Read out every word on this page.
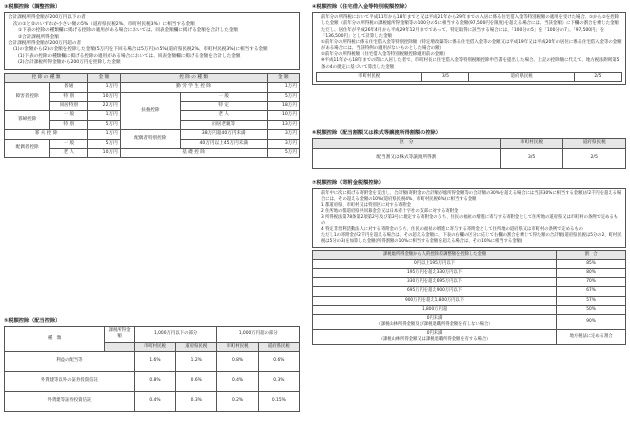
③税額控除（調整控除）
合計課税所得金額が200万円以下の者
次の①と②のいずれか小さい額の5%（道府県民税2%、市町村民税3%）に相当する金額
①下表の控除の種類欄に掲げる控除の適用がある場合においては、同表金額欄に掲げる金額を合計した金額
②合計課税所得金額
合計課税所得金額が200万円超の者
(1)の金額から(2)の金額を控除した金額(5万円を下回る場合は5万円)の5%(道府県民税2%、市町村民税3%)に相当する金額
(1)下表の控除の種類欄に掲げる控除の適用がある場合においては、同表金額欄に掲げる金額を合計した金額
(2)合計課税所得金額から200万円を控除した金額
控 除 の 種 類		金 額	控 除 の 種 類		金 額
障害者控除	普通	1万円	勤 労 学 生 控 除		1万円
	特 別	10万円	扶養控除	一 般	5万円
	同居特別	22万円		特 定	18万円
寡婦控除	一 般	1万円		老 人	10万円
	特 別	5万円		同居老親等	13万円
寡 夫 控 除		1万円	配偶者特別控除	38万円超40万円未満	3万円
配偶者控除	一 般	5万円		40万円以上45万円未満	3万円
	老 人	10万円	基 礎 控 除		5万円
⑤税額控除（配当控除）
種　類	課税所得金額	1,000万円以下の部分		1,000万円超の部分	
		市町村民税	道府県民税	市町村民税	道府県民税
利益の配当等		1.6%	1.2%	0.8%	0.6%
外貨建等以外の証券投資信託		0.8%	0.6%	0.4%	0.3%
外貨建等証券投資信託		0.4%	0.3%	0.2%	0.15%
④税額控除（住宅借入金等特別税額控除）
前年分の所得税において平成11年から18年までと又は平成21年から29年までの入居に係る住宅借入金等特別税額の適用を受けた場合、①から②を控除した金額（前年分の所得税の課税総所得金額等の100分の5に相当する金額(97,500円を限度)を超える場合には、当該金額）に下欄の割合を乗じた金額
ただし、居住年が平成26年4月から平成29年12月までであって、特定取得に該当する場合には、「100分の5」を「100分の7」、「97,500円」を「136,500円」として計算した金額
①前年分の所得税に係る住宅借入金等特別控除額（特定増改築等に係る住宅借入金等の金額又は平成19年又は平成20年の居住に係る住宅借入金等の金額がある場合には、当該特例の適用がないものとした場合の額）
②前年分の所得税額（住宅借入金等特別税額控除適用前の金額）
※平成11年から18年までの間に入居した者で、市町村長に住宅借入金等特別税額控除申告書を提出した場合、上記の控除額に代えて、地方税法附則第5条の4の規定に基づいて算出した金額
市町村民税	3/5	道府県民税	2/5
⑥税額控除（配当割額又は株式等譲渡所得割額の控除）
区　分	市町村民税	道府県民税
配当割又は株式等譲渡所得割	3/5	2/5
⑦税額控除（寄附金税額控除）
前年中に次に掲げる寄附金を支出し、合計額(寄附金の合計額が総所得金額等の合計額の30%を超える場合には当該30%に相当する金額)が2千円を超える場合には、その超える金額の10%(道府県民税4%、市町村民税6%)に相当する金額
1 都道府県、市町村又は特別区に対する寄附金
2 住所地の都道府県共同募金会又は日本赤十字社の支部に対する寄附金
3 所得税法第78条第2項第2号及び第3号に規定する寄附金のうち、住民の福祉の増進に寄与する寄附金として住所地の道府県又は市町村の条例で定めるもの
4 特定非営利活動法人に対する寄附金のうち、住民の福祉の増進に寄与する寄附金として住所地の道府県又は市町村の条例で定めるもの
ただし1の寄附金が2千円を超える場合は、その超える金額に、下表の右欄の区分に応じて右欄の割合を乗じて得た額の合計額(道府県民税は5分の2、町村民税は5分の3)を加算した金額(所得割額の10%に相当する金額を超える場合は、その10%に相当する金額)
課税総所得金額から人的控除差調整額を控除した金額	割　合
0円以上195万円以下	85%
195万円を超え330万円以下	80%
330万円を超え695万円以下	70%
695万円を超え900万円以下	67%
900万円を超え1,800万円以下	57%
1,800万円超	50%
0円未満
（課税山林所得金額及び課税退職所得金額を有しない場合）	90%
0円未満
（課税山林所得金額又は課税退職所得金額を有する場合）	地方税法に定める割合
